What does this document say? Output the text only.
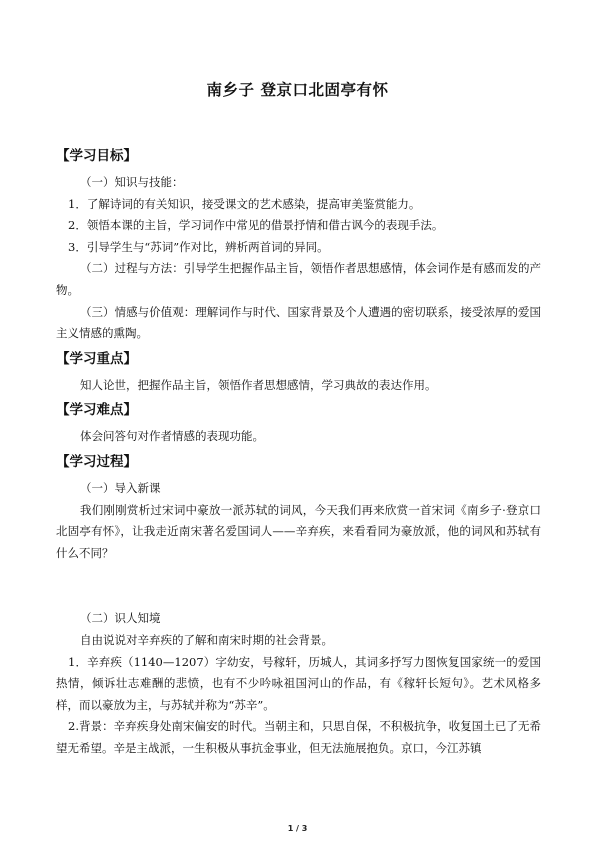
南乡子 登京口北固亭有怀

【学习目标】

（一）知识与技能：

1．了解诗词的有关知识，接受课文的艺术感染，提高审美鉴赏能力。

2．领悟本课的主旨，学习词作中常见的借景抒情和借古讽今的表现手法。

3．引导学生与“苏词”作对比，辨析两首词的异同。

（二）过程与方法：引导学生把握作品主旨，领悟作者思想感情，体会词作是有感而发的产物。

（三）情感与价值观：理解词作与时代、国家背景及个人遭遇的密切联系，接受浓厚的爱国主义情感的熏陶。

【学习重点】

知人论世，把握作品主旨，领悟作者思想感情，学习典故的表达作用。

【学习难点】

体会问答句对作者情感的表现功能。

【学习过程】

（一）导入新课

我们刚刚赏析过宋词中豪放一派苏轼的词风，今天我们再来欣赏一首宋词《南乡子·登京口北固亭有怀》，让我走近南宋著名爱国词人——辛弃疾，来看看同为豪放派，他的词风和苏轼有什么不同？

（二）识人知境

自由说说对辛弃疾的了解和南宋时期的社会背景。

1．辛弃疾（1140—1207）字幼安，号稼轩，历城人，其词多抒写力图恢复国家统一的爱国热情，倾诉壮志难酬的悲愤，也有不少吟咏祖国河山的作品，有《稼轩长短句》。艺术风格多样，而以豪放为主，与苏轼并称为“苏辛”。

2.背景：辛弃疾身处南宋偏安的时代。当朝主和，只思自保，不积极抗争，收复国土已了无希望无希望。辛是主战派，一生积极从事抗金事业，但无法施展抱负。京口，今江苏镇

1 / 3
